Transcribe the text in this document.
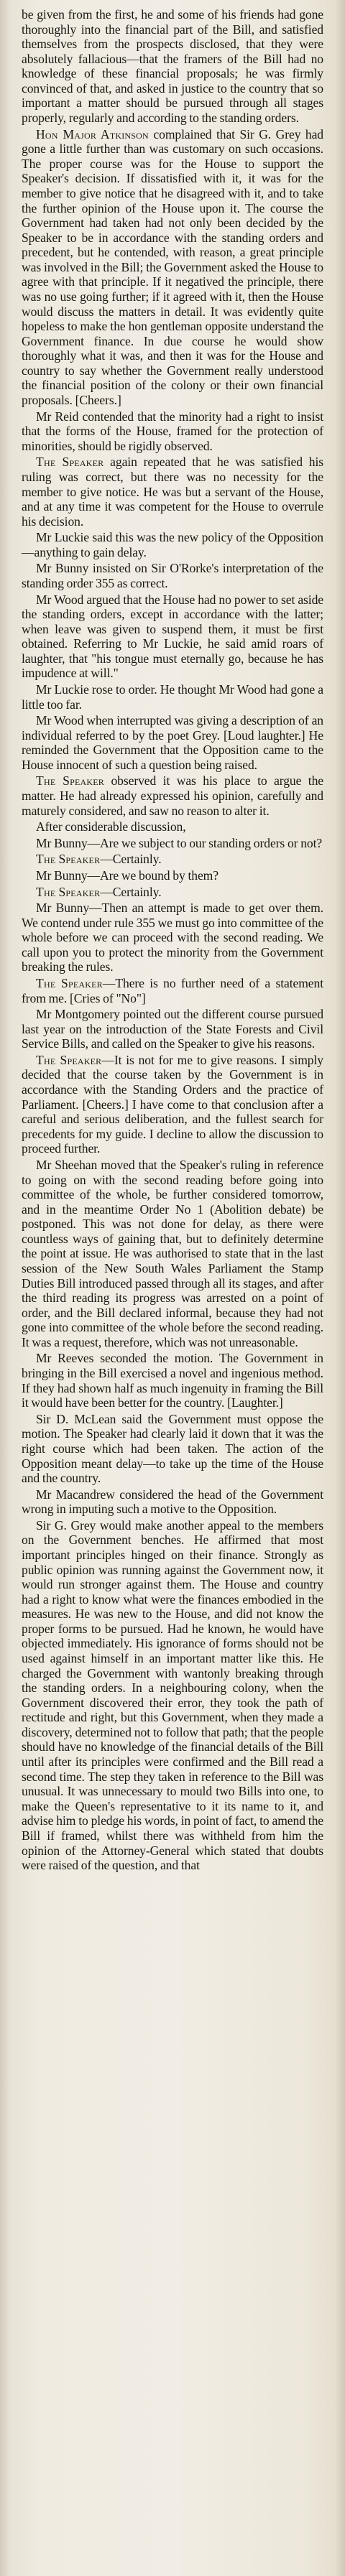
be given from the first, he and some of his friends had gone thoroughly into the financial part of the Bill, and satisfied themselves from the prospects disclosed, that they were absolutely fallacious—that the framers of the Bill had no knowledge of these financial proposals; he was firmly convinced of that, and asked in justice to the country that so important a matter should be pursued through all stages properly, regularly and according to the standing orders.

Hon Major Atkinson complained that Sir G. Grey had gone a little further than was customary on such occasions. The proper course was for the House to support the Speaker's decision. If dissatisfied with it, it was for the member to give notice that he disagreed with it, and to take the further opinion of the House upon it. The course the Government had taken had not only been decided by the Speaker to be in accordance with the standing orders and precedent, but he contended, with reason, a great principle was involved in the Bill; the Government asked the House to agree with that principle. If it negatived the principle, there was no use going further; if it agreed with it, then the House would discuss the matters in detail. It was evidently quite hopeless to make the hon gentleman opposite understand the Government finance. In due course he would show thoroughly what it was, and then it was for the House and country to say whether the Government really understood the financial position of the colony or their own financial proposals. [Cheers.]

Mr Reid contended that the minority had a right to insist that the forms of the House, framed for the protection of minorities, should be rigidly observed.

The Speaker again repeated that he was satisfied his ruling was correct, but there was no necessity for the member to give notice. He was but a servant of the House, and at any time it was competent for the House to overrule his decision.

Mr Luckie said this was the new policy of the Opposition—anything to gain delay.

Mr Bunny insisted on Sir O'Rorke's interpretation of the standing order 355 as correct.

Mr Wood argued that the House had no power to set aside the standing orders, except in accordance with the latter; when leave was given to suspend them, it must be first obtained. Referring to Mr Luckie, he said amid roars of laughter, that "his tongue must eternally go, because he has impudence at will."

Mr Luckie rose to order. He thought Mr Wood had gone a little too far.

Mr Wood when interrupted was giving a description of an individual referred to by the poet Grey. [Loud laughter.] He reminded the Government that the Opposition came to the House innocent of such a question being raised.

The Speaker observed it was his place to argue the matter. He had already expressed his opinion, carefully and maturely considered, and saw no reason to alter it.

After considerable discussion,

Mr Bunny—Are we subject to our standing orders or not?

The Speaker—Certainly.

Mr Bunny—Are we bound by them?

The Speaker—Certainly.

Mr Bunny—Then an attempt is made to get over them. We contend under rule 355 we must go into committee of the whole before we can proceed with the second reading. We call upon you to protect the minority from the Government breaking the rules.

The Speaker—There is no further need of a statement from me. [Cries of "No"]

Mr Montgomery pointed out the different course pursued last year on the introduction of the State Forests and Civil Service Bills, and called on the Speaker to give his reasons.

The Speaker—It is not for me to give reasons. I simply decided that the course taken by the Government is in accordance with the Standing Orders and the practice of Parliament. [Cheers.] I have come to that conclusion after a careful and serious deliberation, and the fullest search for precedents for my guide. I decline to allow the discussion to proceed further.

Mr Sheehan moved that the Speaker's ruling in reference to going on with the second reading before going into committee of the whole, be further considered tomorrow, and in the meantime Order No 1 (Abolition debate) be postponed. This was not done for delay, as there were countless ways of gaining that, but to definitely determine the point at issue. He was authorised to state that in the last session of the New South Wales Parliament the Stamp Duties Bill introduced passed through all its stages, and after the third reading its progress was arrested on a point of order, and the Bill declared informal, because they had not gone into committee of the whole before the second reading. It was a request, therefore, which was not unreasonable.

Mr Reeves seconded the motion. The Government in bringing in the Bill exercised a novel and ingenious method. If they had shown half as much ingenuity in framing the Bill it would have been better for the country. [Laughter.]

Sir D. McLean said the Government must oppose the motion. The Speaker had clearly laid it down that it was the right course which had been taken. The action of the Opposition meant delay—to take up the time of the House and the country.

Mr Macandrew considered the head of the Government wrong in imputing such a motive to the Opposition.

Sir G. Grey would make another appeal to the members on the Government benches. He affirmed that most important principles hinged on their finance. Strongly as public opinion was running against the Government now, it would run stronger against them. The House and country had a right to know what were the finances embodied in the measures. He was new to the House, and did not know the proper forms to be pursued. Had he known, he would have objected immediately. His ignorance of forms should not be used against himself in an important matter like this. He charged the Government with wantonly breaking through the standing orders. In a neighbouring colony, when the Government discovered their error, they took the path of rectitude and right, but this Government, when they made a discovery, determined not to follow that path; that the people should have no knowledge of the financial details of the Bill until after its principles were confirmed and the Bill read a second time. The step they taken in reference to the Bill was unusual. It was unnecessary to mould two Bills into one, to make the Queen's representative to it its name to it, and advise him to pledge his words, in point of fact, to amend the Bill if framed, whilst there was withheld from him the opinion of the Attorney-General which stated that doubts were raised of the question, and that
